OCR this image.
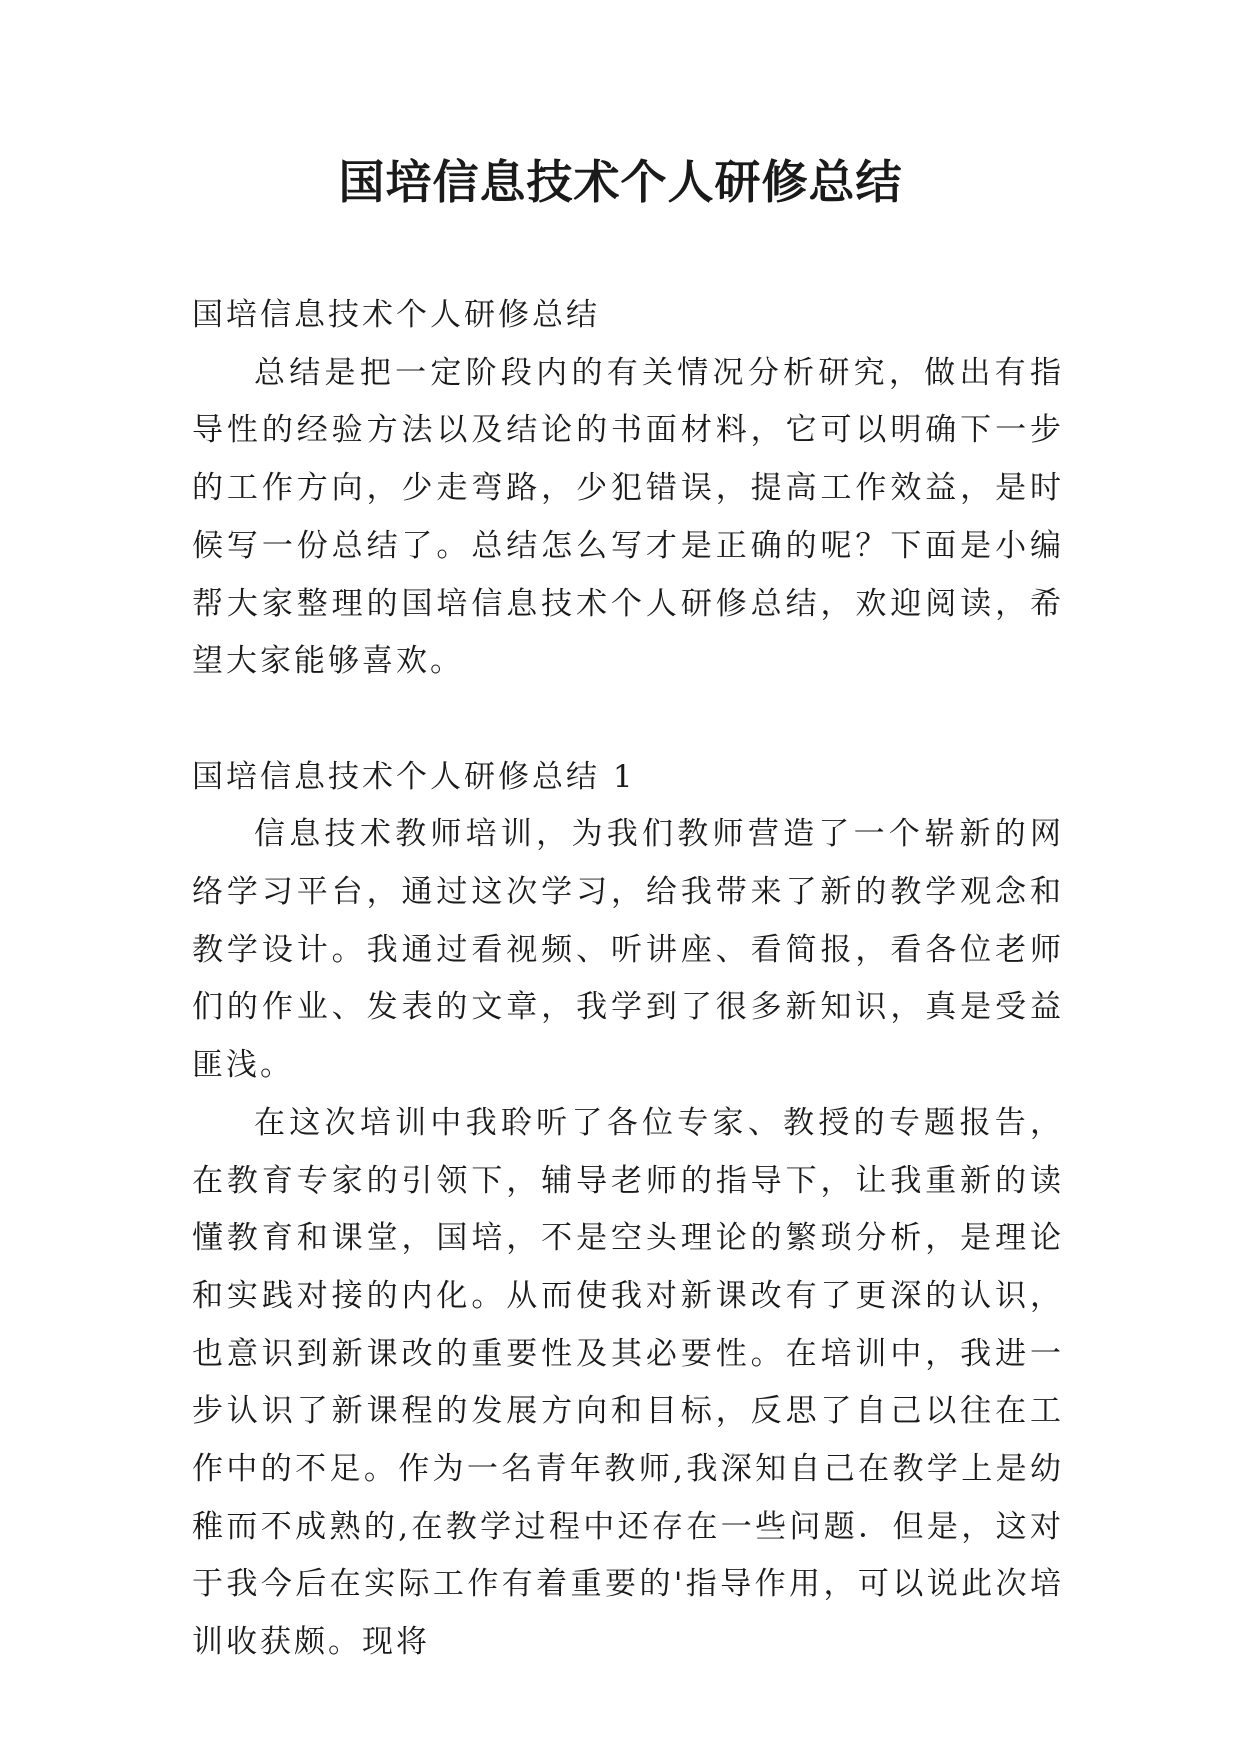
国培信息技术个人研修总结

国培信息技术个人研修总结

总结是把一定阶段内的有关情况分析研究，做出有指导性的经验方法以及结论的书面材料，它可以明确下一步的工作方向，少走弯路，少犯错误，提高工作效益，是时候写一份总结了。总结怎么写才是正确的呢？下面是小编帮大家整理的国培信息技术个人研修总结，欢迎阅读，希望大家能够喜欢。

国培信息技术个人研修总结 1

信息技术教师培训，为我们教师营造了一个崭新的网络学习平台，通过这次学习，给我带来了新的教学观念和教学设计。我通过看视频、听讲座、看简报，看各位老师们的作业、发表的文章，我学到了很多新知识，真是受益匪浅。

在这次培训中我聆听了各位专家、教授的专题报告，在教育专家的引领下，辅导老师的指导下，让我重新的读懂教育和课堂，国培，不是空头理论的繁琐分析，是理论和实践对接的内化。从而使我对新课改有了更深的认识，也意识到新课改的重要性及其必要性。在培训中，我进一步认识了新课程的发展方向和目标，反思了自己以往在工作中的不足。作为一名青年教师,我深知自己在教学上是幼稚而不成熟的,在教学过程中还存在一些问题．但是，这对于我今后在实际工作有着重要的'指导作用，可以说此次培训收获颇。现将
